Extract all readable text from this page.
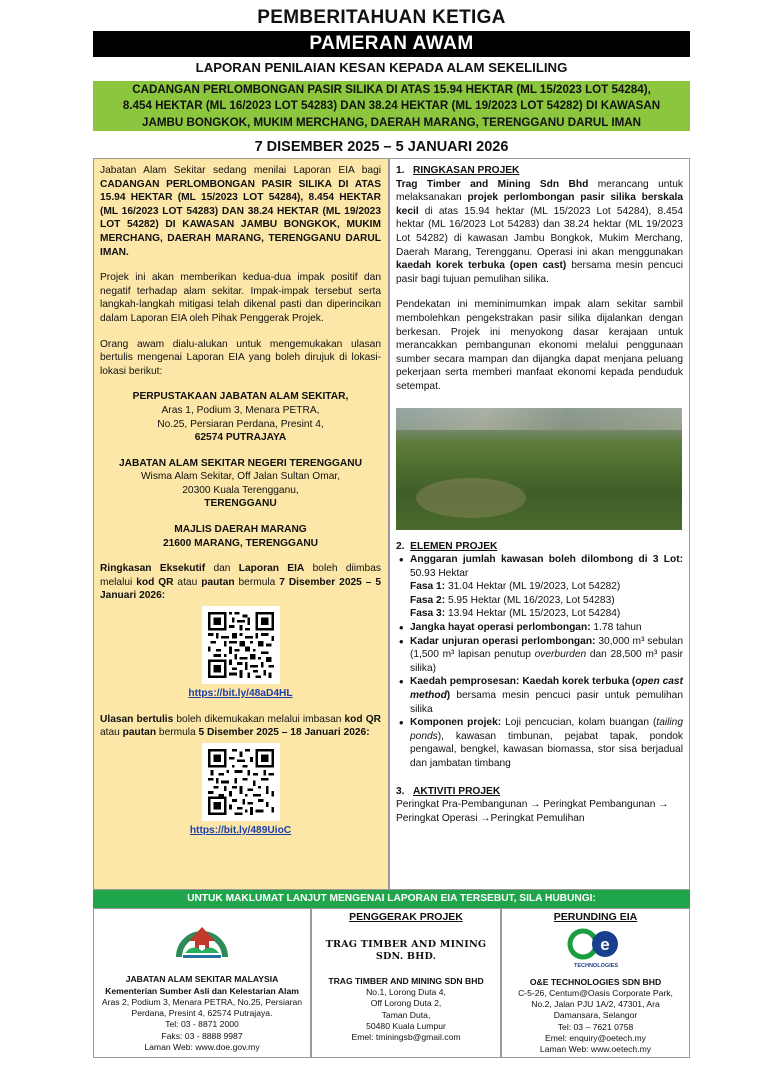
PEMBERITAHUAN KETIGA
PAMERAN AWAM
LAPORAN PENILAIAN KESAN KEPADA ALAM SEKELILING
CADANGAN PERLOMBONGAN PASIR SILIKA DI ATAS 15.94 HEKTAR (ML 15/2023 LOT 54284),
8.454 HEKTAR (ML 16/2023 LOT 54283) DAN 38.24 HEKTAR (ML 19/2023 LOT 54282) DI KAWASAN
JAMBU BONGKOK, MUKIM MERCHANG, DAERAH MARANG, TERENGGANU DARUL IMAN
7 DISEMBER 2025 – 5 JANUARI 2026

Jabatan Alam Sekitar sedang menilai Laporan EIA bagi CADANGAN PERLOMBONGAN PASIR SILIKA DI ATAS 15.94 HEKTAR (ML 15/2023 LOT 54284), 8.454 HEKTAR (ML 16/2023 LOT 54283) DAN 38.24 HEKTAR (ML 19/2023 LOT 54282) DI KAWASAN JAMBU BONGKOK, MUKIM MERCHANG, DAERAH MARANG, TERENGGANU DARUL IMAN.

Projek ini akan memberikan kedua-dua impak positif dan negatif terhadap alam sekitar. Impak-impak tersebut serta langkah-langkah mitigasi telah dikenal pasti dan diperincikan dalam Laporan EIA oleh Pihak Penggerak Projek.

Orang awam dialu-alukan untuk mengemukakan ulasan bertulis mengenai Laporan EIA yang boleh dirujuk di lokasi-lokasi berikut:

PERPUSTAKAAN JABATAN ALAM SEKITAR,
Aras 1, Podium 3, Menara PETRA,
No.25, Persiaran Perdana, Presint 4,
62574 PUTRAJAYA
JABATAN ALAM SEKITAR NEGERI TERENGGANU
Wisma Alam Sekitar, Off Jalan Sultan Omar,
20300 Kuala Terengganu,
TERENGGANU
MAJLIS DAERAH MARANG
21600 MARANG, TERENGGANU

Ringkasan Eksekutif dan Laporan EIA boleh diimbas melalui kod QR atau pautan bermula 7 Disember 2025 – 5 Januari 2026:

https://bit.ly/48aD4HL

Ulasan bertulis boleh dikemukakan melalui imbasan kod QR atau pautan bermula 5 Disember 2025 – 18 Januari 2026:

https://bit.ly/489UioC
1. RINGKASAN PROJEK

Trag Timber and Mining Sdn Bhd merancang untuk melaksanakan projek perlombongan pasir silika berskala kecil di atas 15.94 hektar (ML 15/2023 Lot 54284), 8.454 hektar (ML 16/2023 Lot 54283) dan 38.24 hektar (ML 19/2023 Lot 54282) di kawasan Jambu Bongkok, Mukim Merchang, Daerah Marang, Terengganu. Operasi ini akan menggunakan kaedah korek terbuka (open cast) bersama mesin pencuci pasir bagi tujuan pemulihan silika.

Pendekatan ini meminimumkan impak alam sekitar sambil membolehkan pengekstrakan pasir silika dijalankan dengan berkesan. Projek ini menyokong dasar kerajaan untuk merancakkan pembangunan ekonomi melalui penggunaan sumber secara mampan dan dijangka dapat menjana peluang pekerjaan serta memberi manfaat ekonomi kepada penduduk setempat.

2. ELEMEN PROJEK
• Anggaran jumlah kawasan boleh dilombong di 3 Lot: 50.93 Hektar
Fasa 1: 31.04 Hektar (ML 19/2023, Lot 54282)
Fasa 2: 5.95 Hektar (ML 16/2023, Lot 54283)
Fasa 3: 13.94 Hektar (ML 15/2023, Lot 54284)
• Jangka hayat operasi perlombongan: 1.78 tahun
• Kadar unjuran operasi perlombongan: 30,000 m³ sebulan (1,500 m³ lapisan penutup overburden dan 28,500 m³ pasir silika)
• Kaedah pemprosesan: Kaedah korek terbuka (open cast method) bersama mesin pencuci pasir untuk pemulihan silika
• Komponen projek: Loji pencucian, kolam buangan (tailing ponds), kawasan timbunan, pejabat tapak, pondok pengawal, bengkel, kawasan biomassa, stor sisa berjadual dan jambatan timbang
3. AKTIVITI PROJEK

Peringkat Pra-Pembangunan → Peringkat Pembangunan → Peringkat Operasi →Peringkat Pemulihan

UNTUK MAKLUMAT LANJUT MENGENAI LAPORAN EIA TERSEBUT, SILA HUBUNGI:
JABATAN ALAM SEKITAR MALAYSIA
Kementerian Sumber Asli dan Kelestarian Alam
Aras 2, Podium 3, Menara PETRA, No.25, Persiaran
Perdana, Presint 4, 62574 Putrajaya.
Tel: 03 - 8871 2000
Faks: 03 - 8888 9987
Laman Web: www.doe.gov.my
PENGGERAK PROJEK
TRAG TIMBER AND MINING SDN. BHD.
TRAG TIMBER AND MINING SDN BHD
No.1, Lorong Duta 4,
Off Lorong Duta 2,
Taman Duta,
50480 Kuala Lumpur
Emel: tminingsb@gmail.com
PERUNDING EIA
e
TECHNOLOGIES
O&E TECHNOLOGIES SDN BHD
C-5-26, Centum@Oasis Corporate Park,
No.2, Jalan PJU 1A/2, 47301, Ara
Damansara, Selangor
Tel: 03 – 7621 0758
Emel: enquiry@oetech.my
Laman Web: www.oetech.my
